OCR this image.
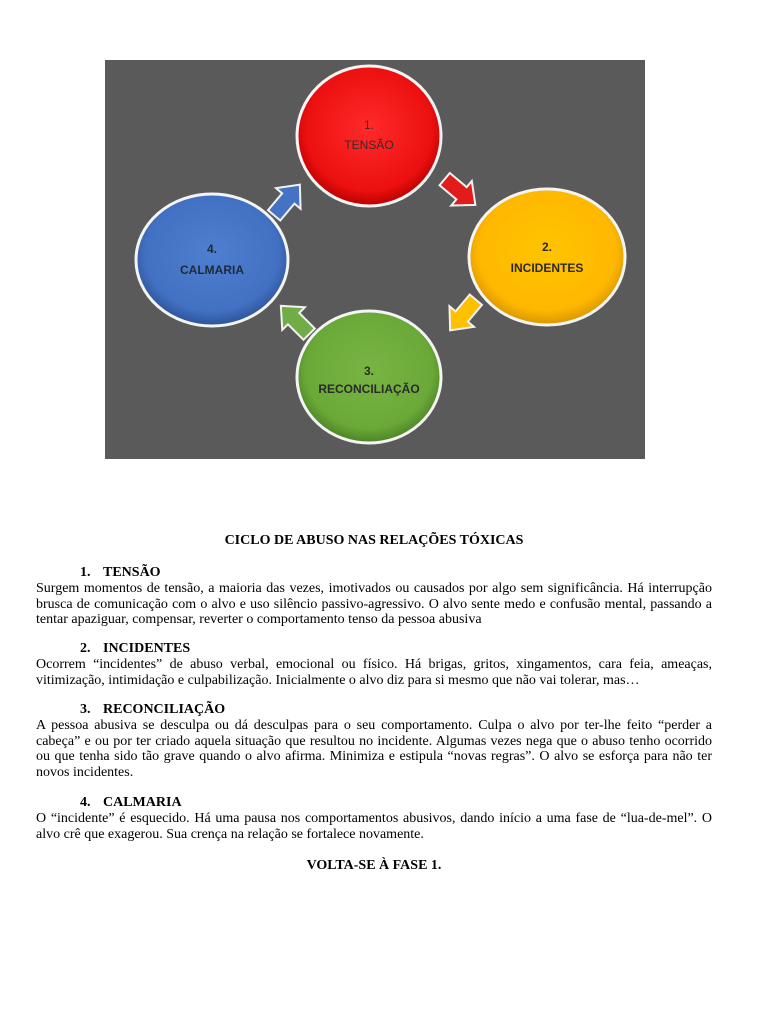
1.
TENSÃO
2.
INCIDENTES
3.
RECONCILIAÇÃO
4.
CALMARIA
CICLO DE ABUSO NAS RELAÇÕES TÓXICAS
1. TENSÃO

Surgem momentos de tensão, a maioria das vezes, imotivados ou causados por algo sem significância. Há interrupção brusca de comunicação com o alvo e uso silêncio passivo-agressivo. O alvo sente medo e confusão mental, passando a tentar apaziguar, compensar, reverter o comportamento tenso da pessoa abusiva

2. INCIDENTES

Ocorrem “incidentes” de abuso verbal, emocional ou físico. Há brigas, gritos, xingamentos, cara feia, ameaças, vitimização, intimidação e culpabilização. Inicialmente o alvo diz para si mesmo que não vai tolerar, mas…

3. RECONCILIAÇÃO

A pessoa abusiva se desculpa ou dá desculpas para o seu comportamento. Culpa o alvo por ter-lhe feito “perder a cabeça” e ou por ter criado aquela situação que resultou no incidente. Algumas vezes nega que o abuso tenho ocorrido ou que tenha sido tão grave quando o alvo afirma. Minimiza e estipula “novas regras”. O alvo se esforça para não ter novos incidentes.

4. CALMARIA

O “incidente” é esquecido. Há uma pausa nos comportamentos abusivos, dando início a uma fase de “lua-de-mel”. O alvo crê que exagerou. Sua crença na relação se fortalece novamente.

VOLTA-SE À FASE 1.
